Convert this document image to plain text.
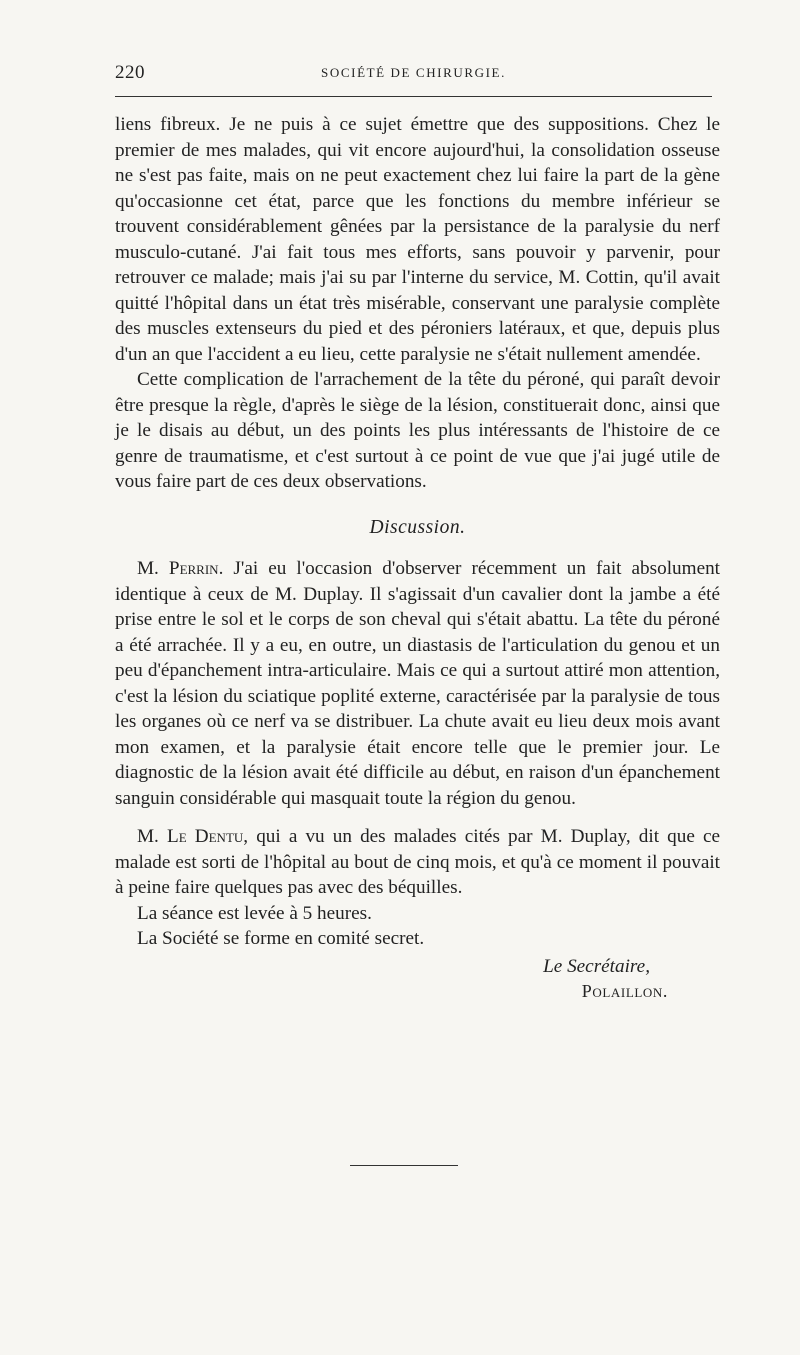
220	SOCIÉTÉ DE CHIRURGIE.

liens fibreux. Je ne puis à ce sujet émettre que des suppositions. Chez le premier de mes malades, qui vit encore aujourd'hui, la consolidation osseuse ne s'est pas faite, mais on ne peut exactement chez lui faire la part de la gène qu'occasionne cet état, parce que les fonctions du membre inférieur se trouvent considérablement gênées par la persistance de la paralysie du nerf musculo-cutané. J'ai fait tous mes efforts, sans pouvoir y parvenir, pour retrouver ce malade; mais j'ai su par l'interne du service, M. Cottin, qu'il avait quitté l'hôpital dans un état très misérable, conservant une paralysie complète des muscles extenseurs du pied et des péroniers latéraux, et que, depuis plus d'un an que l'accident a eu lieu, cette paralysie ne s'était nullement amendée.

Cette complication de l'arrachement de la tête du péroné, qui paraît devoir être presque la règle, d'après le siège de la lésion, constituerait donc, ainsi que je le disais au début, un des points les plus intéressants de l'histoire de ce genre de traumatisme, et c'est surtout à ce point de vue que j'ai jugé utile de vous faire part de ces deux observations.

Discussion.

M. Perrin. J'ai eu l'occasion d'observer récemment un fait absolument identique à ceux de M. Duplay. Il s'agissait d'un cavalier dont la jambe a été prise entre le sol et le corps de son cheval qui s'était abattu. La tête du péroné a été arrachée. Il y a eu, en outre, un diastasis de l'articulation du genou et un peu d'épanchement intra-articulaire. Mais ce qui a surtout attiré mon attention, c'est la lésion du sciatique poplité externe, caractérisée par la paralysie de tous les organes où ce nerf va se distribuer. La chute avait eu lieu deux mois avant mon examen, et la paralysie était encore telle que le premier jour. Le diagnostic de la lésion avait été difficile au début, en raison d'un épanchement sanguin considérable qui masquait toute la région du genou.

M. Le Dentu, qui a vu un des malades cités par M. Duplay, dit que ce malade est sorti de l'hôpital au bout de cinq mois, et qu'à ce moment il pouvait à peine faire quelques pas avec des béquilles.

La séance est levée à 5 heures.

La Société se forme en comité secret.

Le Secrétaire,
Polaillon.
